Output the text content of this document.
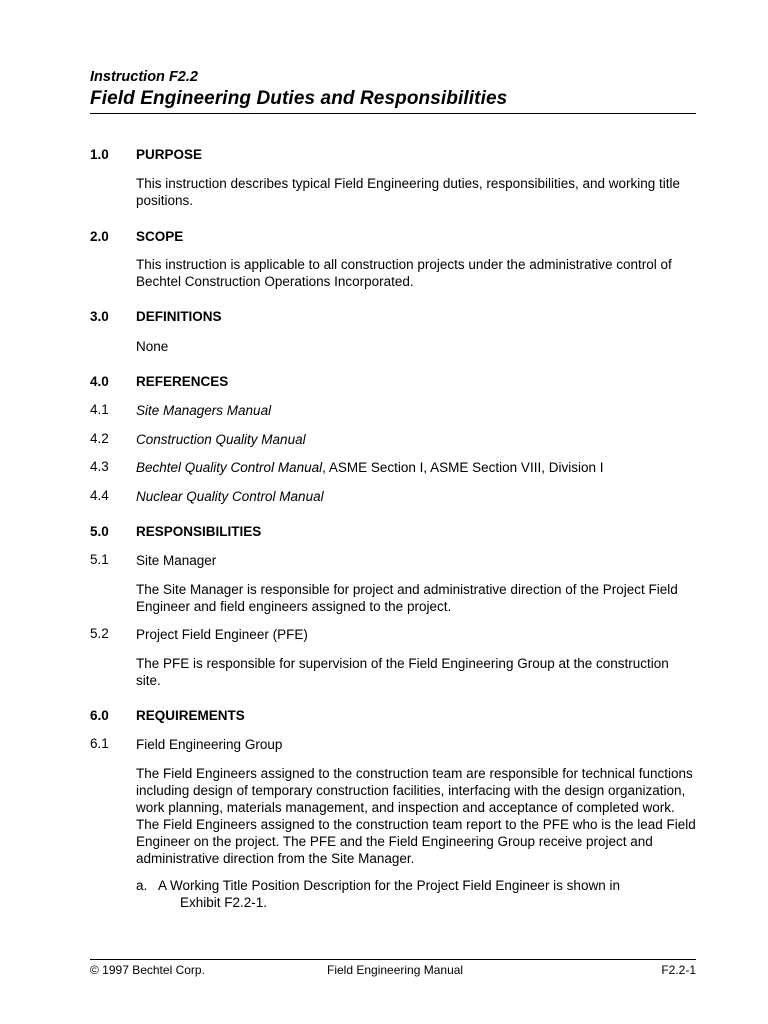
Instruction F2.2
Field Engineering Duties and Responsibilities
1.0 PURPOSE
This instruction describes typical Field Engineering duties, responsibilities, and working title positions.
2.0 SCOPE
This instruction is applicable to all construction projects under the administrative control of Bechtel Construction Operations Incorporated.
3.0 DEFINITIONS
None
4.0 REFERENCES
4.1 Site Managers Manual
4.2 Construction Quality Manual
4.3 Bechtel Quality Control Manual, ASME Section I, ASME Section VIII, Division I
4.4 Nuclear Quality Control Manual
5.0 RESPONSIBILITIES
5.1 Site Manager
The Site Manager is responsible for project and administrative direction of the Project Field Engineer and field engineers assigned to the project.
5.2 Project Field Engineer (PFE)
The PFE is responsible for supervision of the Field Engineering Group at the construction site.
6.0 REQUIREMENTS
6.1 Field Engineering Group
The Field Engineers assigned to the construction team are responsible for technical functions including design of temporary construction facilities, interfacing with the design organization, work planning, materials management, and inspection and acceptance of completed work. The Field Engineers assigned to the construction team report to the PFE who is the lead Field Engineer on the project. The PFE and the Field Engineering Group receive project and administrative direction from the Site Manager.
a. A Working Title Position Description for the Project Field Engineer is shown in
Exhibit F2.2-1.
© 1997 Bechtel Corp.	Field Engineering Manual	F2.2-1
